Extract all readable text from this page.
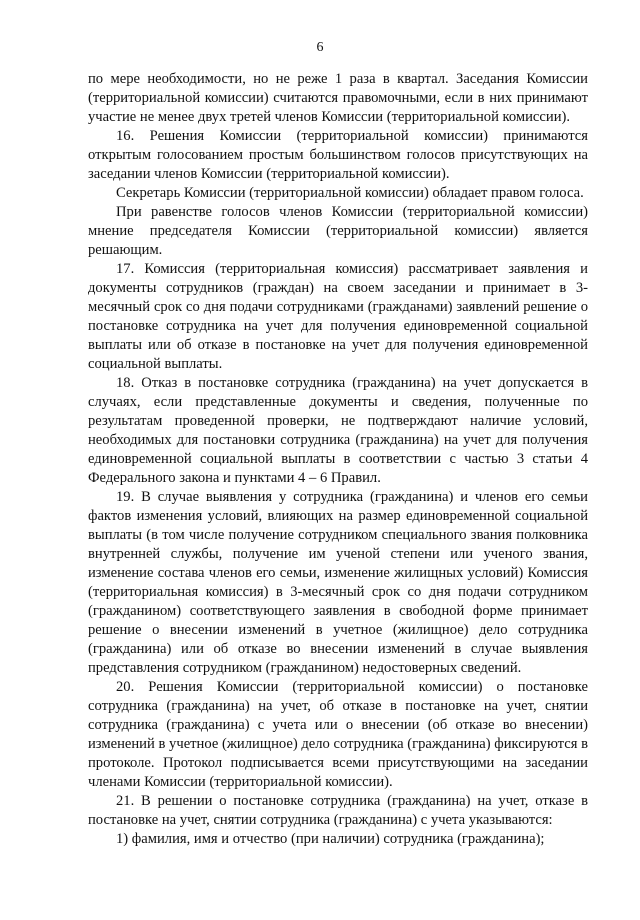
6

по мере необходимости, но не реже 1 раза в квартал. Заседания Комиссии (территориальной комиссии) считаются правомочными, если в них принимают участие не менее двух третей членов Комиссии (территориальной комиссии).

16. Решения Комиссии (территориальной комиссии) принимаются открытым голосованием простым большинством голосов присутствующих на заседании членов Комиссии (территориальной комиссии).

Секретарь Комиссии (территориальной комиссии) обладает правом голоса.

При равенстве голосов членов Комиссии (территориальной комиссии) мнение председателя Комиссии (территориальной комиссии) является решающим.

17. Комиссия (территориальная комиссия) рассматривает заявления и документы сотрудников (граждан) на своем заседании и принимает в 3-месячный срок со дня подачи сотрудниками (гражданами) заявлений решение о постановке сотрудника на учет для получения единовременной социальной выплаты или об отказе в постановке на учет для получения единовременной социальной выплаты.

18. Отказ в постановке сотрудника (гражданина) на учет допускается в случаях, если представленные документы и сведения, полученные по результатам проведенной проверки, не подтверждают наличие условий, необходимых для постановки сотрудника (гражданина) на учет для получения единовременной социальной выплаты в соответствии с частью 3 статьи 4 Федерального закона и пунктами 4 – 6 Правил.

19. В случае выявления у сотрудника (гражданина) и членов его семьи фактов изменения условий, влияющих на размер единовременной социальной выплаты (в том числе получение сотрудником специального звания полковника внутренней службы, получение им ученой степени или ученого звания, изменение состава членов его семьи, изменение жилищных условий) Комиссия (территориальная комиссия) в 3-месячный срок со дня подачи сотрудником (гражданином) соответствующего заявления в свободной форме принимает решение о внесении изменений в учетное (жилищное) дело сотрудника (гражданина) или об отказе во внесении изменений в случае выявления представления сотрудником (гражданином) недостоверных сведений.

20. Решения Комиссии (территориальной комиссии) о постановке сотрудника (гражданина) на учет, об отказе в постановке на учет, снятии сотрудника (гражданина) с учета или о внесении (об отказе во внесении) изменений в учетное (жилищное) дело сотрудника (гражданина) фиксируются в протоколе. Протокол подписывается всеми присутствующими на заседании членами Комиссии (территориальной комиссии).

21. В решении о постановке сотрудника (гражданина) на учет, отказе в постановке на учет, снятии сотрудника (гражданина) с учета указываются:

1) фамилия, имя и отчество (при наличии) сотрудника (гражданина);
